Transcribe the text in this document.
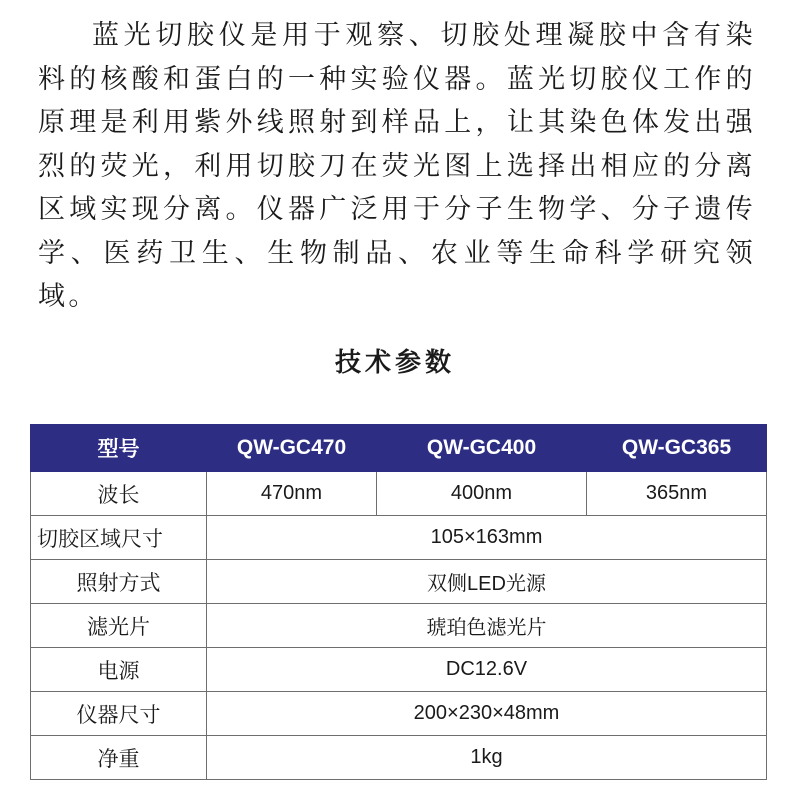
蓝光切胶仪是用于观察、切胶处理凝胶中含有染料的核酸和蛋白的一种实验仪器。蓝光切胶仪工作的原理是利用紫外线照射到样品上，让其染色体发出强烈的荧光，利用切胶刀在荧光图上选择出相应的分离区域实现分离。仪器广泛用于分子生物学、分子遗传学、医药卫生、生物制品、农业等生命科学研究领域。

技术参数
型号	QW-GC470	QW-GC400	QW-GC365
波长	470nm	400nm	365nm
切胶区域尺寸	105×163mm		
照射方式	双侧LED光源		
滤光片	琥珀色滤光片		
电源	DC12.6V		
仪器尺寸	200×230×48mm		
净重	1kg		
